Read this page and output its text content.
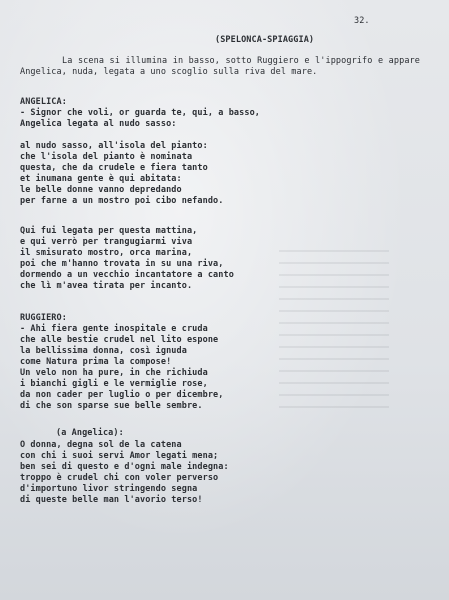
32.
(SPELONCA-SPIAGGIA)
La scena si illumina in basso, sotto Ruggiero e l'ippogrifo e appare Angelica, nuda, legata a uno scoglio sulla riva del mare.
ANGELICA:
- Signor che voli, or guarda te, qui, a basso,
Angelica legata al nudo sasso:
al nudo sasso, all'isola del pianto:
che l'isola del pianto è nominata
questa, che da crudele e fiera tanto
et inumana gente è qui abitata:
le belle donne vanno depredando
per farne a un mostro poi cibo nefando.
Qui fui legata per questa mattina,
e qui verrò per trangugiarmi viva
il smisurato mostro, orca marina,
poi che m'hanno trovata in su una riva,
dormendo a un vecchio incantatore a canto
che lì m'avea tirata per incanto.
RUGGIERO:
- Ahi fiera gente inospitale e cruda
che alle bestie crudel nel lito espone
la bellissima donna, così ignuda
come Natura prima la compose!
Un velo non ha pure, in che richiuda
i bianchi gigli e le vermiglie rose,
da non cader per luglio o per dicembre,
di che son sparse sue belle sembre.
(a Angelica):
O donna, degna sol de la catena
con chi i suoi servi Amor legati mena;
ben sei di questo e d'ogni male indegna:
troppo è crudel chi con voler perverso
d'importuno livor stringendo segna
di queste belle man l'avorio terso!
